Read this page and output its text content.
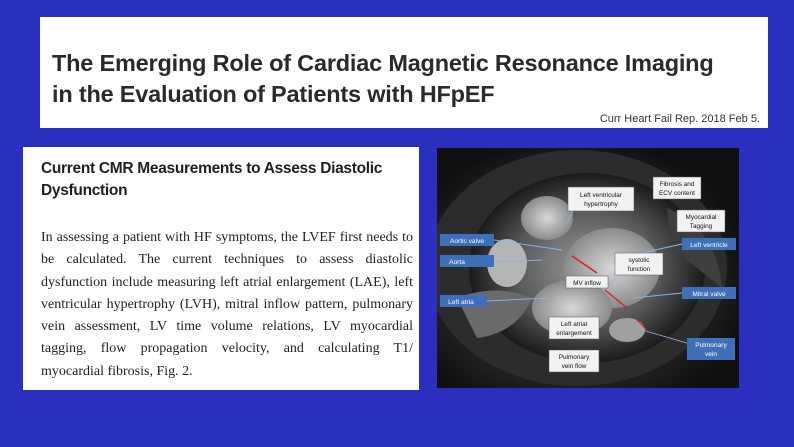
The Emerging Role of Cardiac Magnetic Resonance Imaging
in the Evaluation of Patients with HFpEF
Curr Heart Fail Rep. 2018 Feb 5.
Current CMR Measurements to Assess Diastolic
Dysfunction
In assessing a patient with HF symptoms, the LVEF first needs to be calculated. The current techniques to assess diastolic dysfunction include measuring left atrial enlargement (LAE), left ventricular hypertrophy (LVH), mitral inflow pattern, pulmonary vein assessment, LV time volume relations, LV myocardial tagging, flow propagation velocity, and calculating T1/ myocardial fibrosis, Fig. 2.
Left ventricular
hypertrophy
Fibrosis and
ECV content
Myocardial
Tagging
systolic
function
MV inflow
Left atrial
enlargement
Pulmonary
vein flow
Aortic valve
Aorta
Left ventricle
Mitral valve
Left atria
Pulmonary
vein
